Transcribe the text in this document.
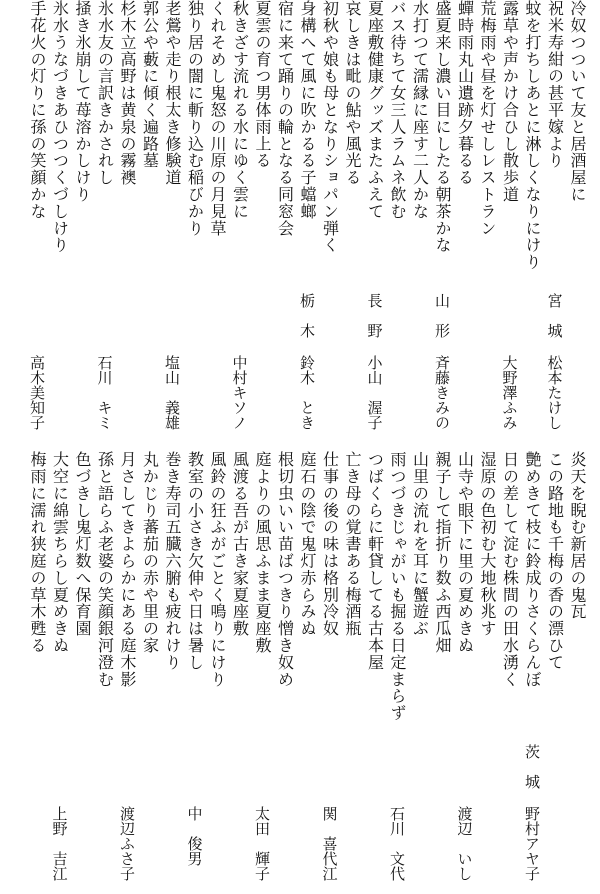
冷奴つついて友と居酒屋に
祝米寿紺の甚平嫁より
宮　城
松本たけし
蚊を打ちしあとに淋しくなりにけり
露草や声かけ合ひし散歩道
大野澤ふみ
荒梅雨や昼を灯せしレストラン
蟬時雨丸山遺跡夕暮るる
盛夏来し濃い目にしたる朝茶かな
山　形
斉藤きみの
水打つて濡縁に座す二人かな
バス待ちて女三人ラムネ飲む
夏座敷健康グッズまたふえて
長　野
小山　渥子
哀しきは毗の鮎や風光る
初秋や娘も母となりショパン弾く
身構へて風に吹かるる子蟷螂
栃　木
鈴木　とき
宿に来て踊りの輪となる同窓会
夏雲の育つ男体雨上る
秋きざす流れる水にゆく雲に
中村キソノ
くれそめし鬼怒の川原の月見草
独り居の闇に斬り込む稲びかり
老鶯や走り根太き修験道
塩山　義雄
郭公や藪に傾く遍路墓
杉木立高野は黄泉の霧襖
氷水友の言訳きかされし
石川　キミ
掻き氷崩して苺溶かしけり
氷水うなづきあひつつくづしけり
手花火の灯りに孫の笑顔かな
高木美知子
炎天を睨む新居の鬼瓦
この路地も千梅の香の漂ひて
艶めきて枝に鈴成りさくらんぼ
茨　城
野村アヤ子
日の差して淀む株間の田水湧く
湿原の色初む大地秋兆す
山寺や眼下に里の夏めきぬ
渡辺　いし
親子して指折り数ふ西瓜畑
山里の流れを耳に蟹遊ぶ
雨つづきじゃがいも掘る日定まらず
石川　文代
つばくらに軒貸してる古本屋
亡き母の覚書ある梅酒瓶
仕事の後の味は格別冷奴
関　喜代江
庭石の陰で鬼灯赤らみぬ
根切虫いい苗ばつきり憎き奴め
庭よりの風思ふまま夏座敷
太田　輝子
風渡る吾が古き家夏座敷
風鈴の狂ふがごとく鳴りにけり
教室の小さき欠伸や日は暑し
中　俊男
巻き寿司五臓六腑も疲れけり
丸かじり蕃茄の赤や里の家
月さしてきよらかにある庭木影
渡辺ふさ子
孫と語らふ老婆の笑顔銀河澄む
色づきし鬼灯数へ保育園
大空に綿雲ちらし夏めきぬ
上野　吉江
梅雨に濡れ狭庭の草木甦る
